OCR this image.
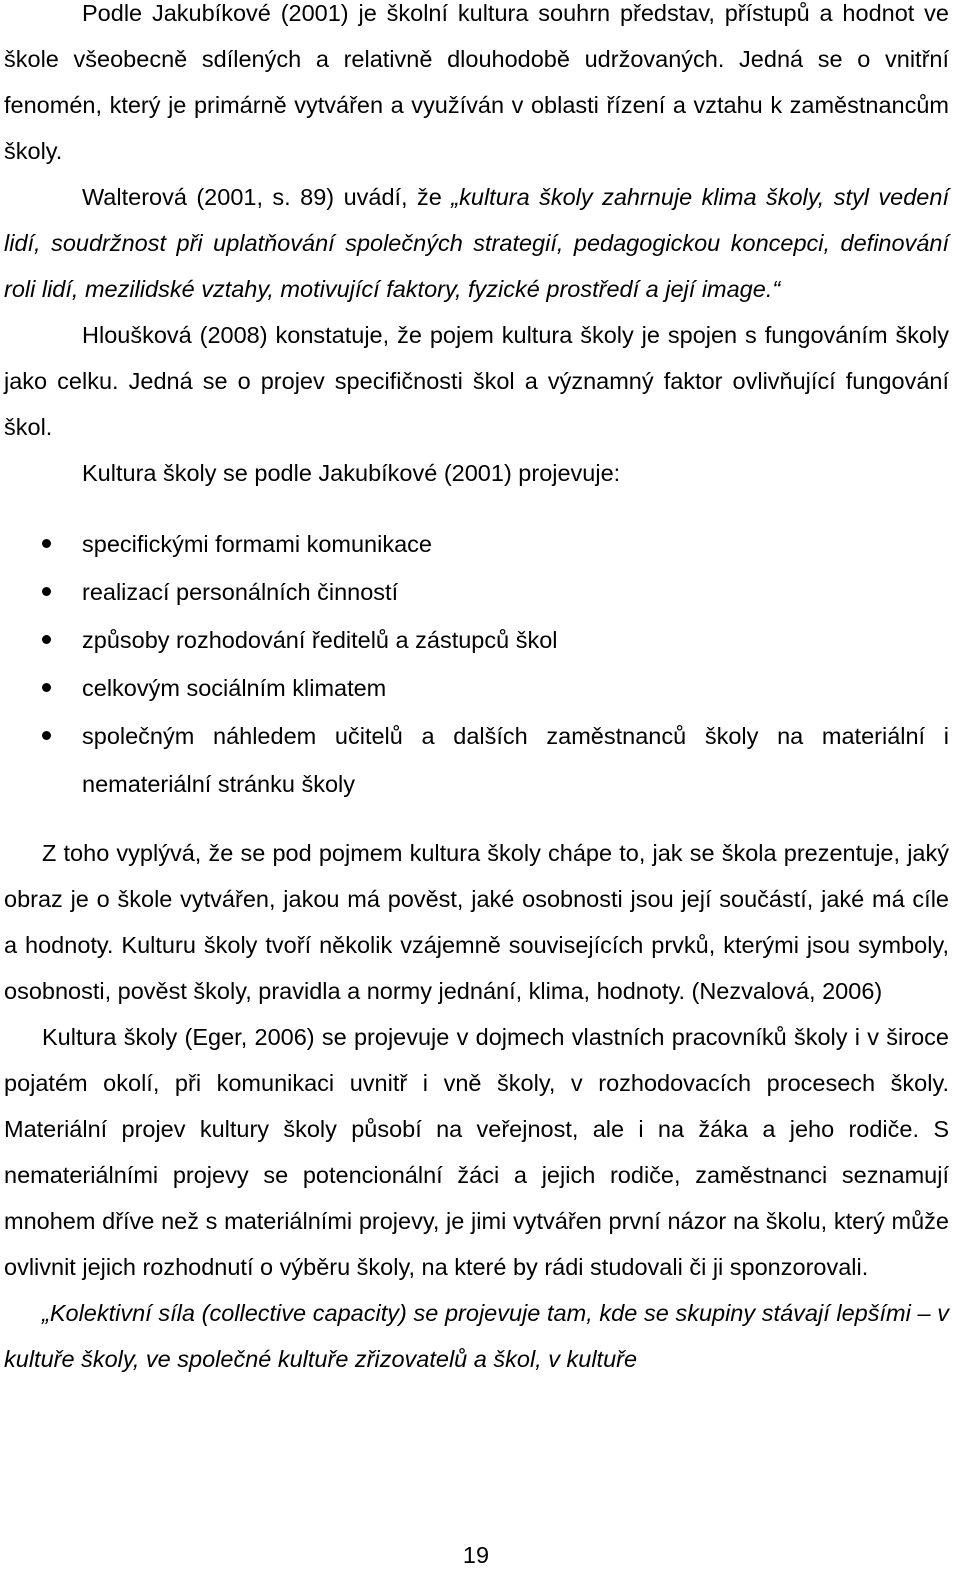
Podle Jakubíkové (2001) je školní kultura souhrn představ, přístupů a hodnot ve škole všeobecně sdílených a relativně dlouhodobě udržovaných. Jedná se o vnitřní fenomén, který je primárně vytvářen a využíván v oblasti řízení a vztahu k zaměstnancům školy.

Walterová (2001, s. 89) uvádí, že „kultura školy zahrnuje klima školy, styl vedení lidí, soudržnost při uplatňování společných strategií, pedagogickou koncepci, definování roli lidí, mezilidské vztahy, motivující faktory, fyzické prostředí a její image.“

Hloušková (2008) konstatuje, že pojem kultura školy je spojen s fungováním školy jako celku. Jedná se o projev specifičnosti škol a významný faktor ovlivňující fungování škol.

Kultura školy se podle Jakubíkové (2001) projevuje:

specifickými formami komunikace
realizací personálních činností
způsoby rozhodování ředitelů a zástupců škol
celkovým sociálním klimatem
společným náhledem učitelů a dalších zaměstnanců školy na materiální i nemateriální stránku školy

Z toho vyplývá, že se pod pojmem kultura školy chápe to, jak se škola prezentuje, jaký obraz je o škole vytvářen, jakou má pověst, jaké osobnosti jsou její součástí, jaké má cíle a hodnoty. Kulturu školy tvoří několik vzájemně souvisejících prvků, kterými jsou symboly, osobnosti, pověst školy, pravidla a normy jednání, klima, hodnoty. (Nezvalová, 2006)

Kultura školy (Eger, 2006) se projevuje v dojmech vlastních pracovníků školy i v široce pojatém okolí, při komunikaci uvnitř i vně školy, v rozhodovacích procesech školy. Materiální projev kultury školy působí na veřejnost, ale i na žáka a jeho rodiče. S nemateriálními projevy se potencionální žáci a jejich rodiče, zaměstnanci seznamují mnohem dříve než s materiálními projevy, je jimi vytvářen první názor na školu, který může ovlivnit jejich rozhodnutí o výběru školy, na které by rádi studovali či ji sponzorovali.

„Kolektivní síla (collective capacity) se projevuje tam, kde se skupiny stávají lepšími – v kultuře školy, ve společné kultuře zřizovatelů a škol, v kultuře

19
